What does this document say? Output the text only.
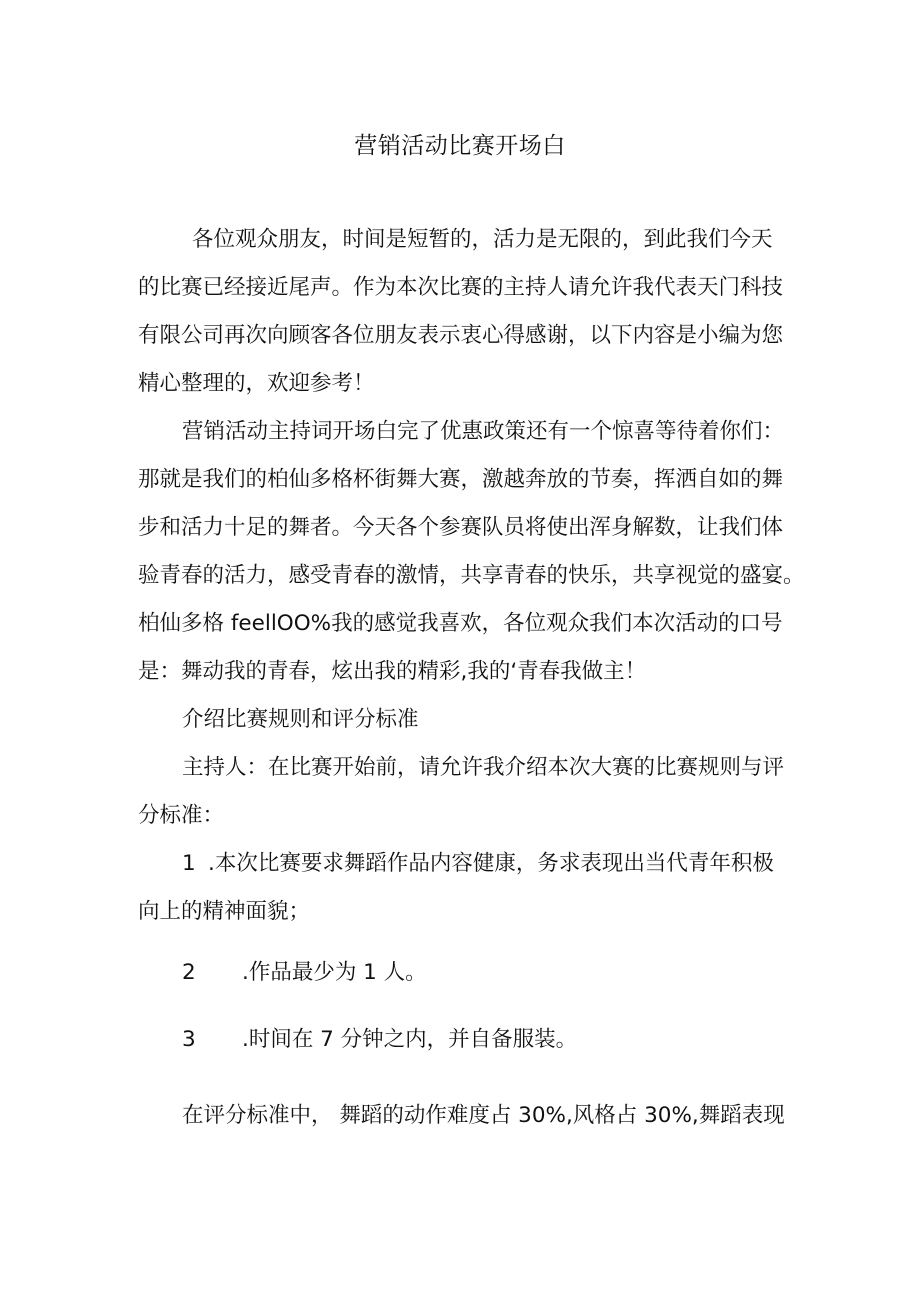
营销活动比赛开场白
各位观众朋友，时间是短暂的，活力是无限的，到此我们今天
的比赛已经接近尾声。作为本次比赛的主持人请允许我代表天门科技
有限公司再次向顾客各位朋友表示衷心得感谢，以下内容是小编为您
精心整理的，欢迎参考！
营销活动主持词开场白完了优惠政策还有一个惊喜等待着你们：
那就是我们的柏仙多格杯街舞大赛，激越奔放的节奏，挥洒自如的舞
步和活力十足的舞者。今天各个参赛队员将使出浑身解数，让我们体
验青春的活力，感受青春的激情，共享青春的快乐，共享视觉的盛宴。
柏仙多格 feellOO%我的感觉我喜欢，各位观众我们本次活动的口号
是：舞动我的青春，炫出我的精彩,我的‘青春我做主！
介绍比赛规则和评分标准
主持人：在比赛开始前，请允许我介绍本次大赛的比赛规则与评
分标准：
1 .本次比赛要求舞蹈作品内容健康，务求表现出当代青年积极
向上的精神面貌；
2 .作品最少为 1 人。
3 .时间在 7 分钟之内，并自备服装。
在评分标准中， 舞蹈的动作难度占 30%,风格占 30%,舞蹈表现
